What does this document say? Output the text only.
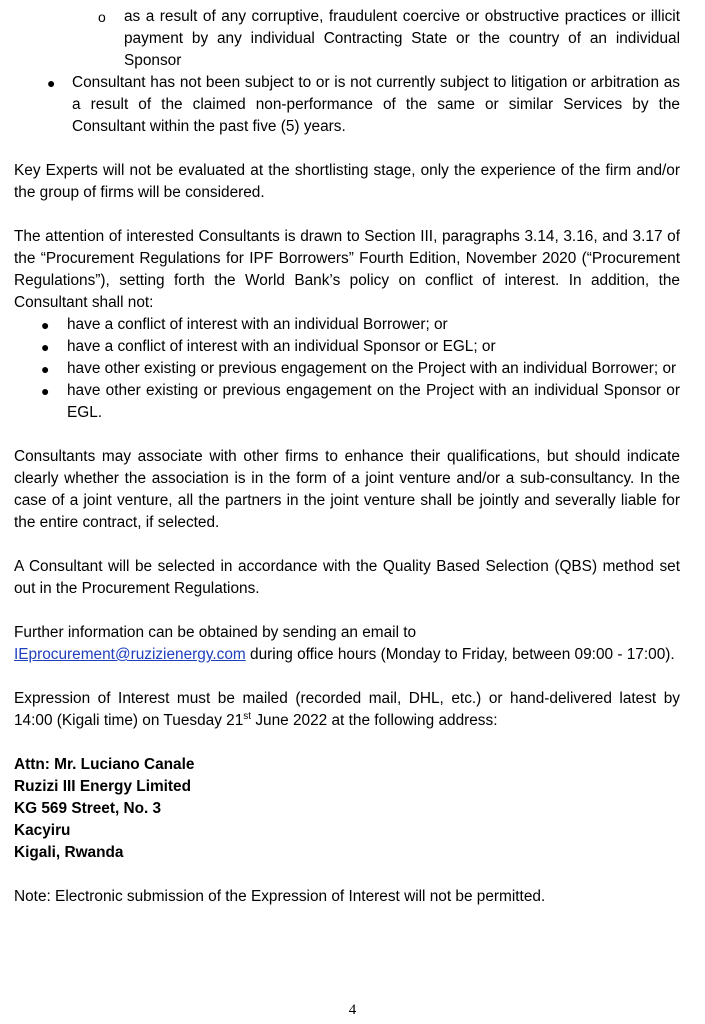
o as a result of any corruptive, fraudulent coercive or obstructive practices or illicit payment by any individual Contracting State or the country of an individual Sponsor
● Consultant has not been subject to or is not currently subject to litigation or arbitration as a result of the claimed non-performance of the same or similar Services by the Consultant within the past five (5) years.

Key Experts will not be evaluated at the shortlisting stage, only the experience of the firm and/or the group of firms will be considered.

The attention of interested Consultants is drawn to Section III, paragraphs 3.14, 3.16, and 3.17 of the “Procurement Regulations for IPF Borrowers” Fourth Edition, November 2020 (“Procurement Regulations”), setting forth the World Bank’s policy on conflict of interest. In addition, the Consultant shall not:

● have a conflict of interest with an individual Borrower; or
● have a conflict of interest with an individual Sponsor or EGL; or
● have other existing or previous engagement on the Project with an individual Borrower; or
● have other existing or previous engagement on the Project with an individual Sponsor or EGL.

Consultants may associate with other firms to enhance their qualifications, but should indicate clearly whether the association is in the form of a joint venture and/or a sub-consultancy. In the case of a joint venture, all the partners in the joint venture shall be jointly and severally liable for the entire contract, if selected.

A Consultant will be selected in accordance with the Quality Based Selection (QBS) method set out in the Procurement Regulations.

Further information can be obtained by sending an email to

IEprocurement@ruzizienergy.com during office hours (Monday to Friday, between 09:00 - 17:00).

Expression of Interest must be mailed (recorded mail, DHL, etc.) or hand-delivered latest by 14:00 (Kigali time) on Tuesday 21st June 2022 at the following address:

Attn: Mr. Luciano Canale

Ruzizi III Energy Limited

KG 569 Street, No. 3

Kacyiru

Kigali, Rwanda

Note: Electronic submission of the Expression of Interest will not be permitted.

4
